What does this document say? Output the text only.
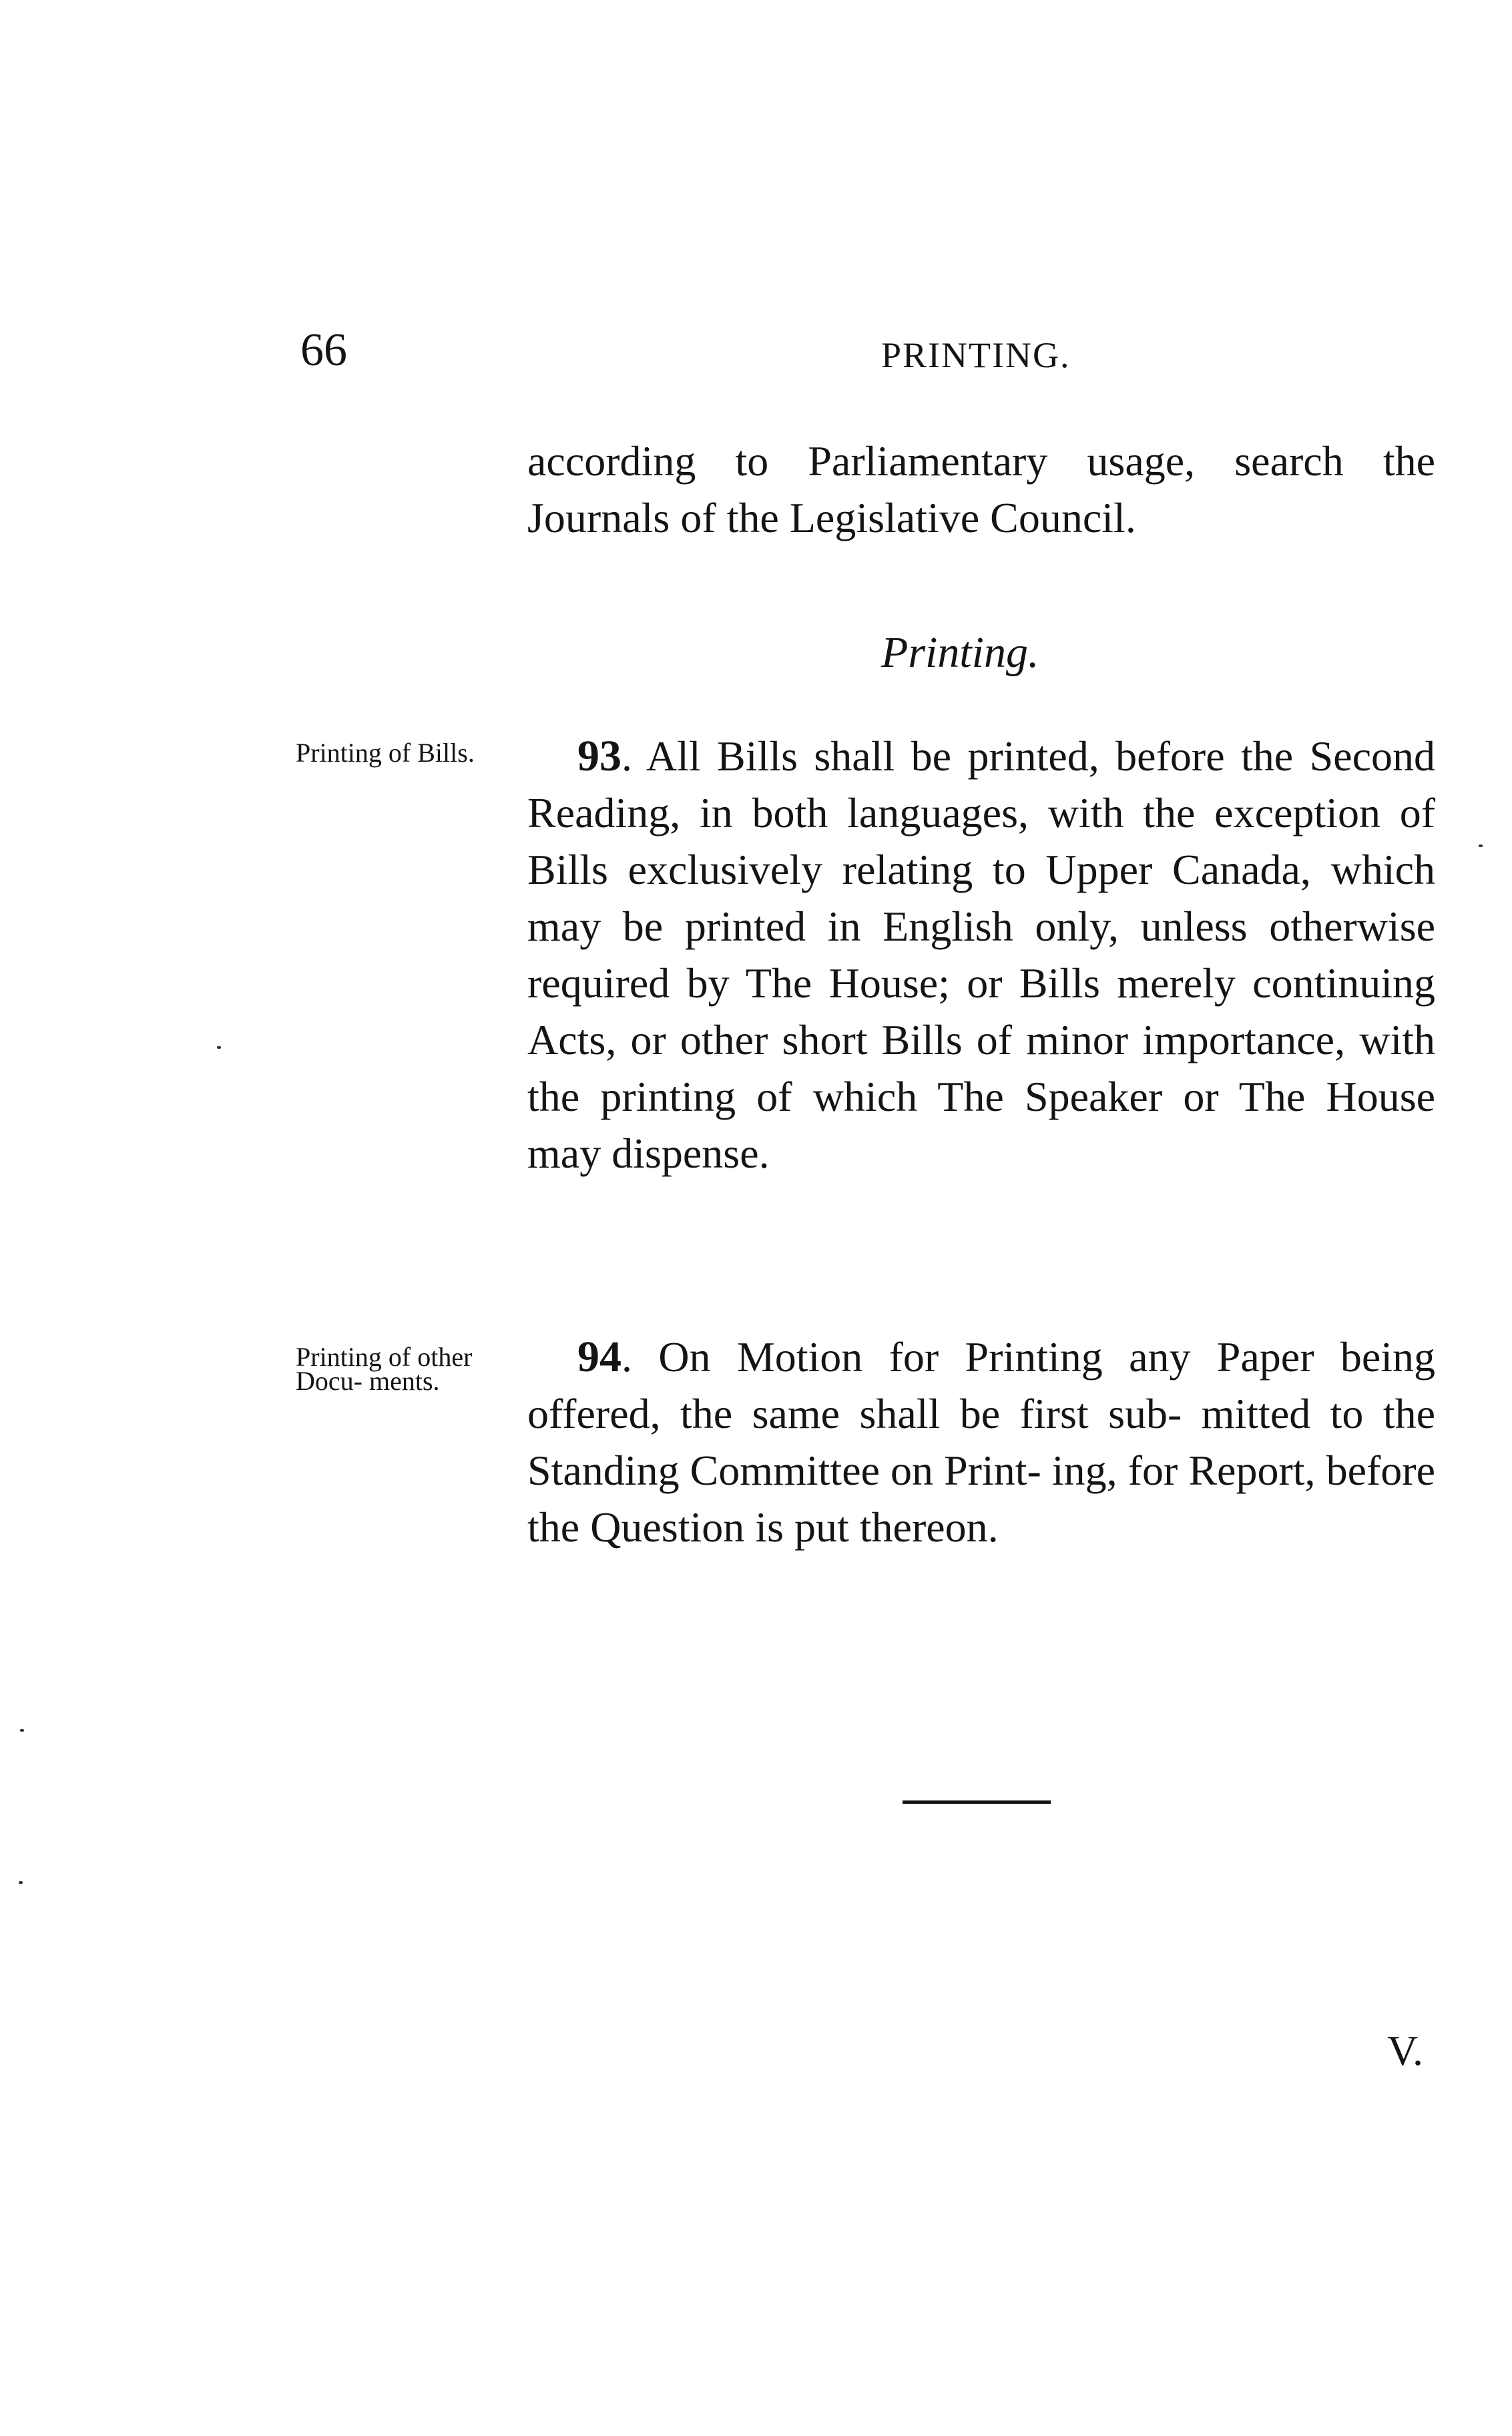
66	PRINTING.
according to Parliamentary usage, search the Journals of the Legislative Council.
Printing.
Printing of Bills.	93. All Bills shall be printed, before the Second Reading, in both languages, with the exception of Bills exclusively relating to Upper Canada, which may be printed in English only, unless otherwise required by The House; or Bills merely continuing Acts, or other short Bills of minor importance, with the printing of which The Speaker or The House may dispense.
Printing of other Docu- ments.	94. On Motion for Printing any Paper being offered, the same shall be first sub- mitted to the Standing Committee on Print- ing, for Report, before the Question is put thereon.
V.
